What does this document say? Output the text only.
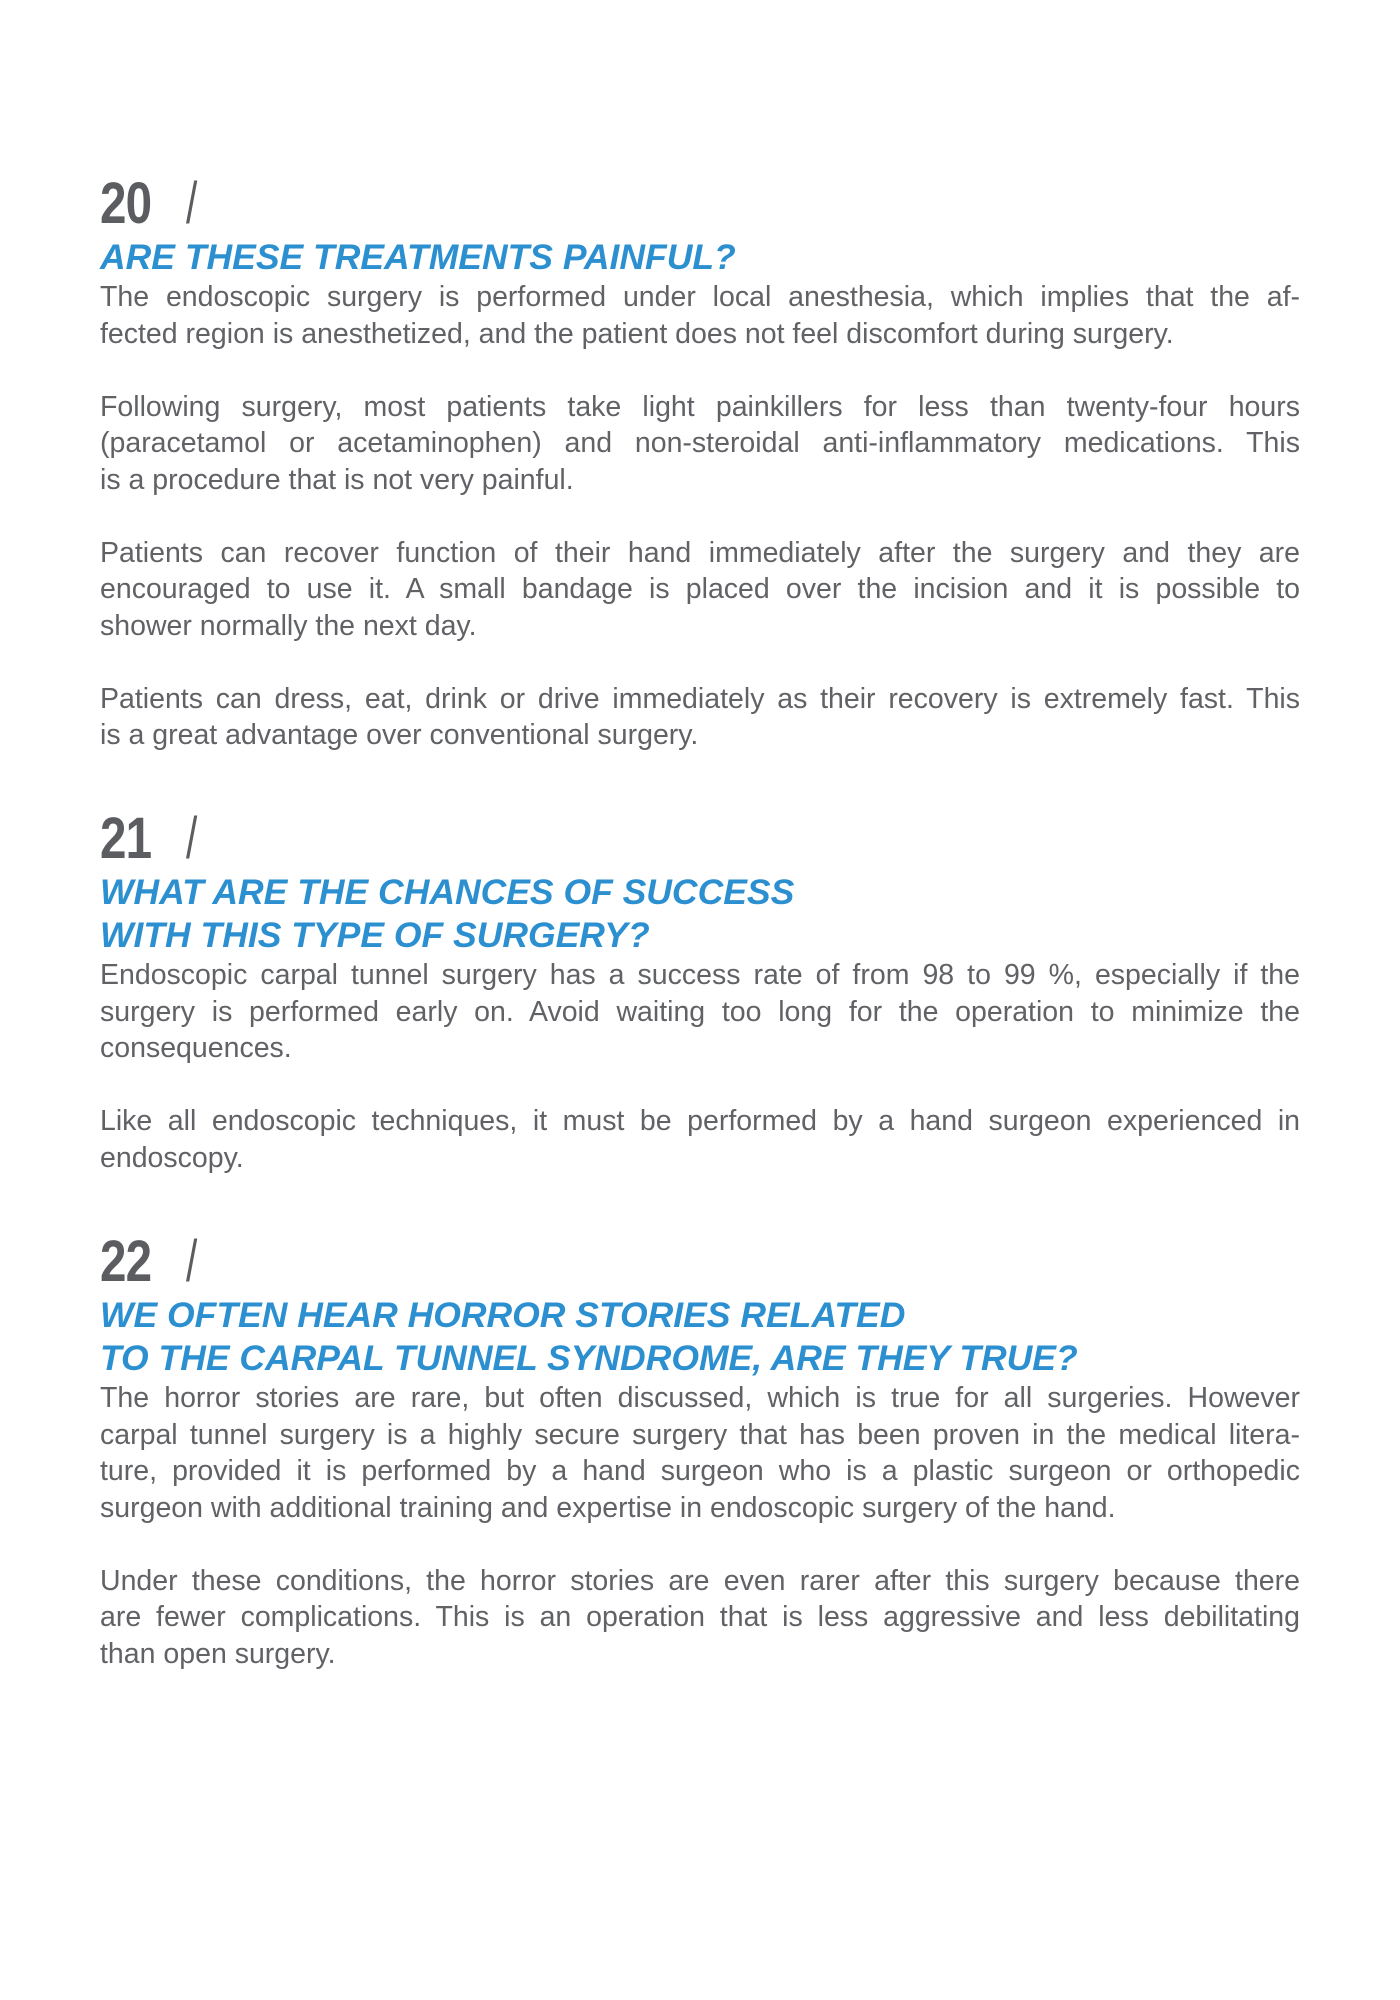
20 /
ARE THESE TREATMENTS PAINFUL?

The endoscopic surgery is performed under local anesthesia, which implies that the af-
fected region is anesthetized, and the patient does not feel discomfort during surgery.

Following surgery, most patients take light painkillers for less than twenty-four hours
(paracetamol or acetaminophen) and non-steroidal anti-inflammatory medications. This
is a procedure that is not very painful.

Patients can recover function of their hand immediately after the surgery and they are
encouraged to use it. A small bandage is placed over the incision and it is possible to
shower normally the next day.

Patients can dress, eat, drink or drive immediately as their recovery is extremely fast. This
is a great advantage over conventional surgery.

21 /
WHAT ARE THE CHANCES OF SUCCESS
WITH THIS TYPE OF SURGERY?

Endoscopic carpal tunnel surgery has a success rate of from 98 to 99 %, especially if the
surgery is performed early on. Avoid waiting too long for the operation to minimize the
consequences.

Like all endoscopic techniques, it must be performed by a hand surgeon experienced in
endoscopy.

22 /
WE OFTEN HEAR HORROR STORIES RELATED
TO THE CARPAL TUNNEL SYNDROME, ARE THEY TRUE?

The horror stories are rare, but often discussed, which is true for all surgeries. However
carpal tunnel surgery is a highly secure surgery that has been proven in the medical litera-
ture, provided it is performed by a hand surgeon who is a plastic surgeon or orthopedic
surgeon with additional training and expertise in endoscopic surgery of the hand.

Under these conditions, the horror stories are even rarer after this surgery because there
are fewer complications. This is an operation that is less aggressive and less debilitating
than open surgery.
